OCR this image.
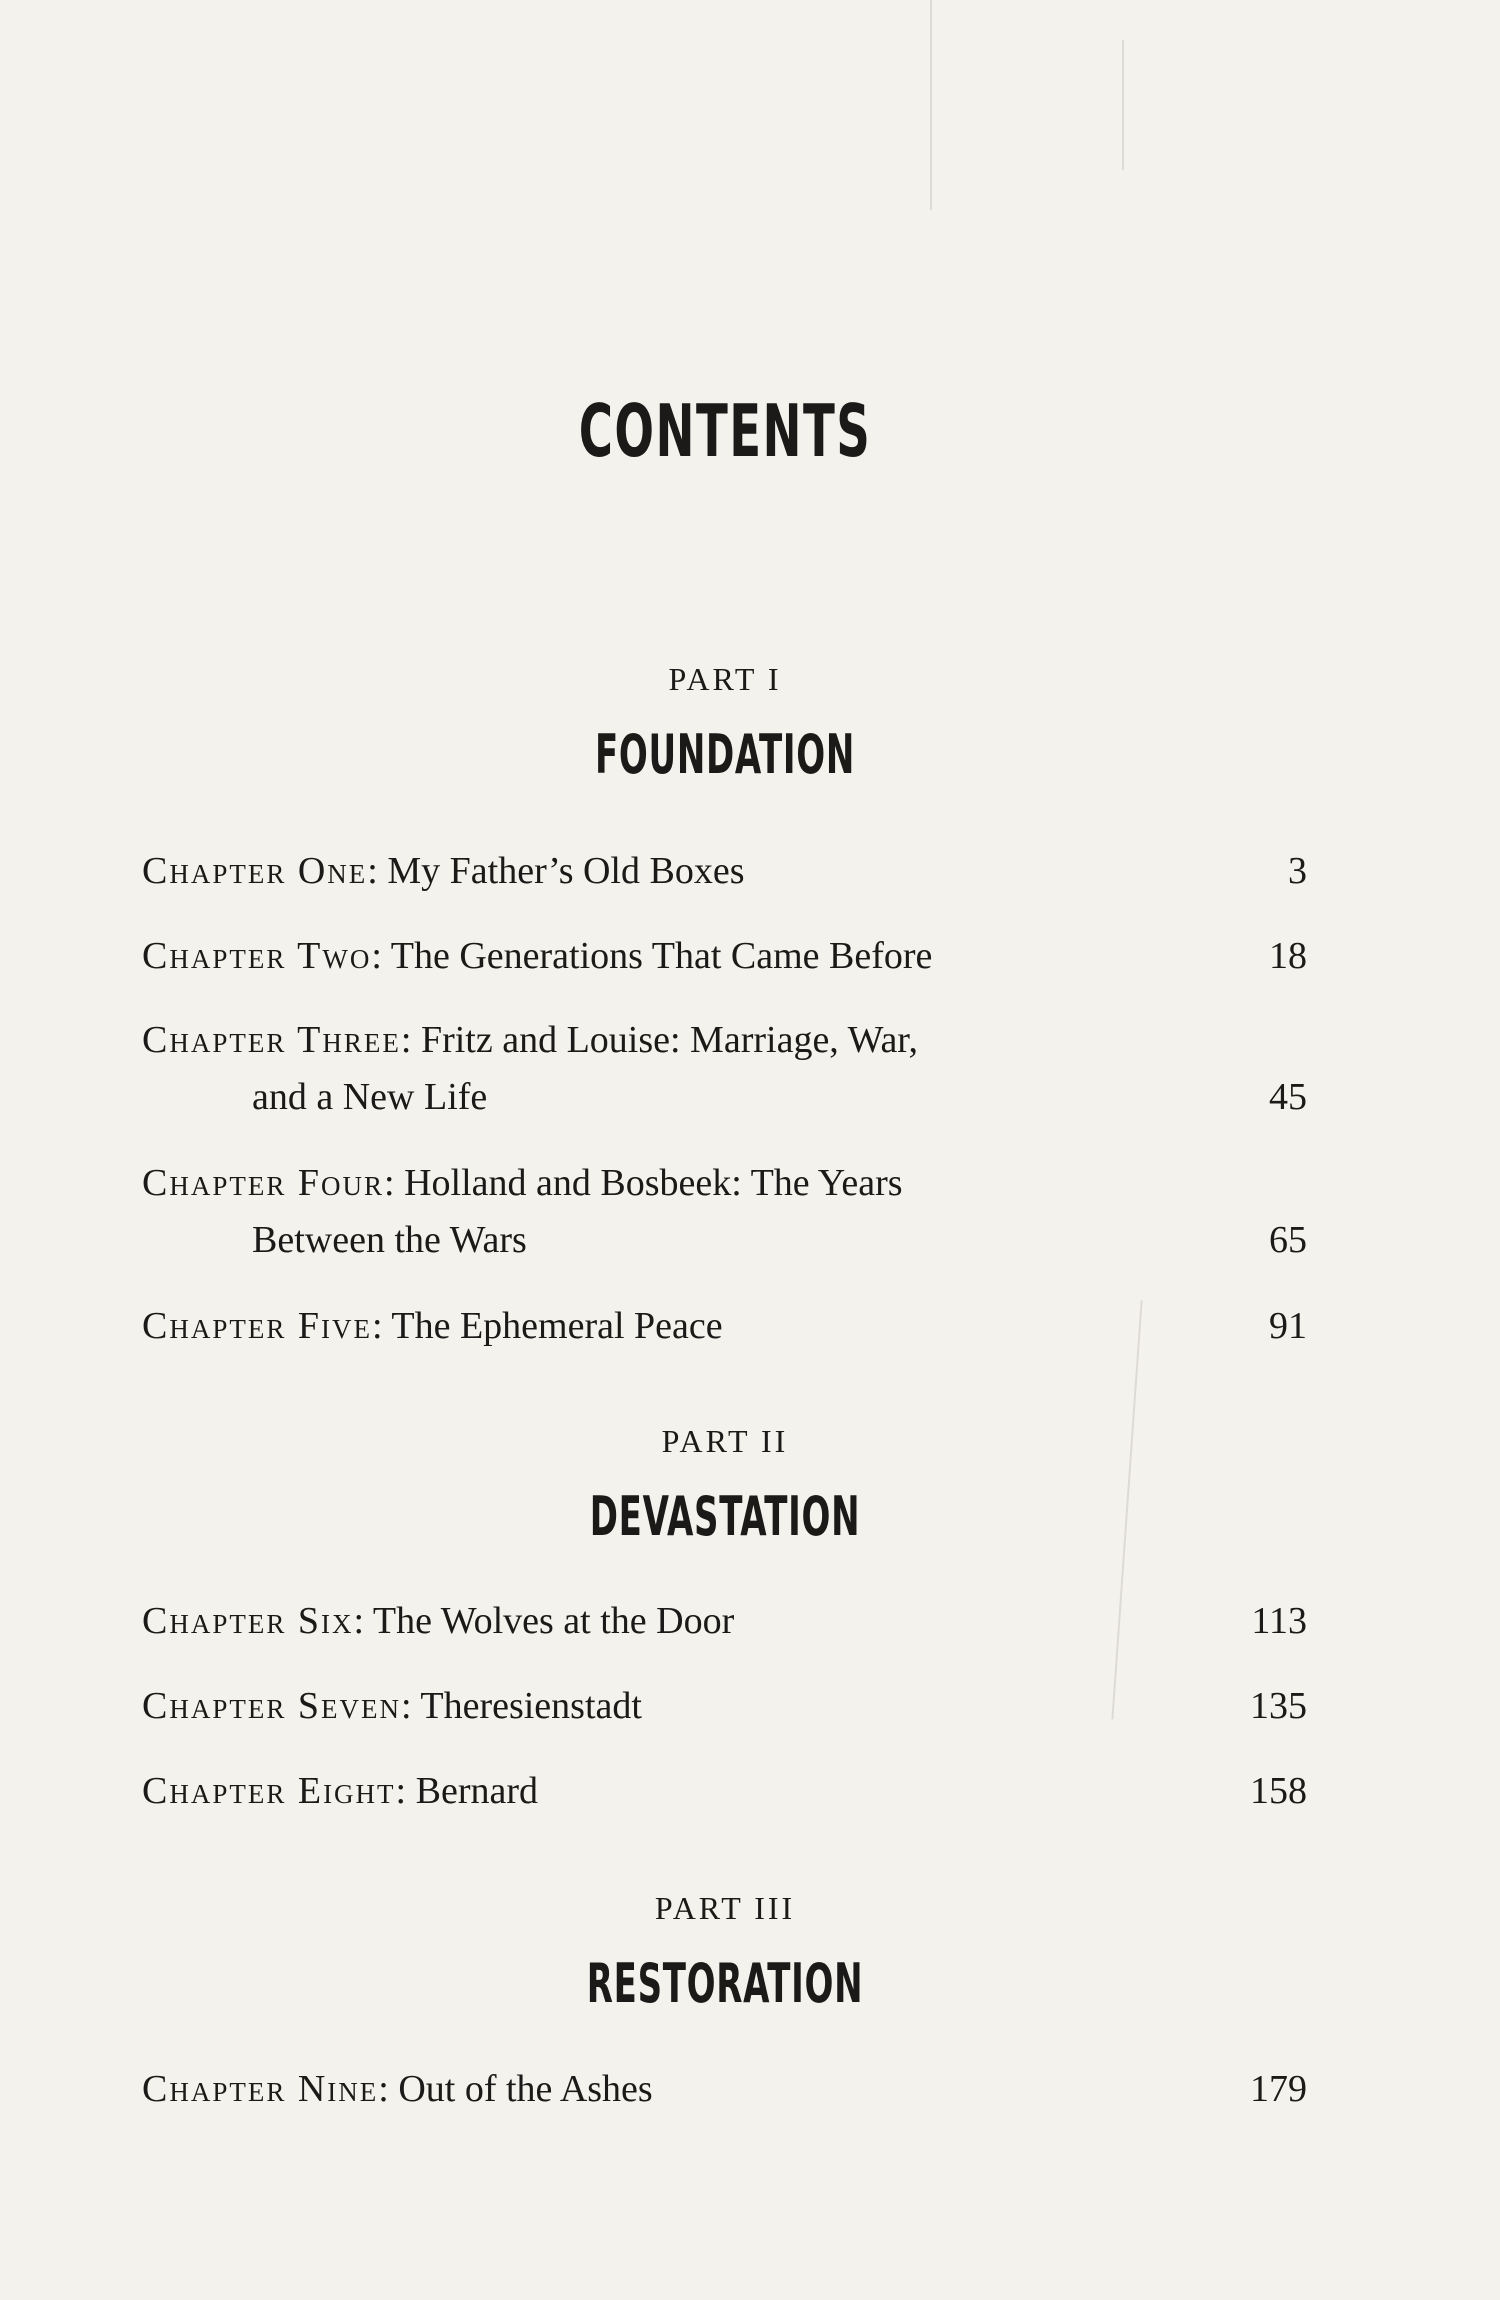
CONTENTS
PART I
FOUNDATION
Chapter One: My Father’s Old Boxes	3
Chapter Two: The Generations That Came Before	18
Chapter Three: Fritz and Louise: Marriage, War,
and a New Life	45
Chapter Four: Holland and Bosbeek: The Years
Between the Wars	65
Chapter Five: The Ephemeral Peace	91
PART II
DEVASTATION
Chapter Six: The Wolves at the Door	113
Chapter Seven: Theresienstadt	135
Chapter Eight: Bernard	158
PART III
RESTORATION
Chapter Nine: Out of the Ashes	179
